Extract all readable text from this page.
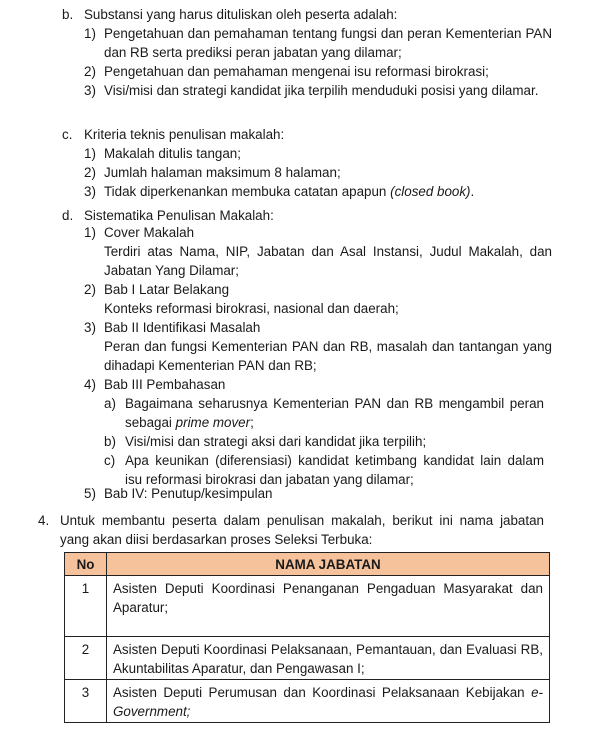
b. Substansi yang harus dituliskan oleh peserta adalah:
1) Pengetahuan dan pemahaman tentang fungsi dan peran Kementerian PAN dan RB serta prediksi peran jabatan yang dilamar;
2) Pengetahuan dan pemahaman mengenai isu reformasi birokrasi;
3) Visi/misi dan strategi kandidat jika terpilih menduduki posisi yang dilamar.
c. Kriteria teknis penulisan makalah:
1) Makalah ditulis tangan;
2) Jumlah halaman maksimum 8 halaman;
3) Tidak diperkenankan membuka catatan apapun (closed book).
d. Sistematika Penulisan Makalah:
1) Cover Makalah
Terdiri atas Nama, NIP, Jabatan dan Asal Instansi, Judul Makalah, dan Jabatan Yang Dilamar;
2) Bab I Latar Belakang
Konteks reformasi birokrasi, nasional dan daerah;
3) Bab II Identifikasi Masalah
Peran dan fungsi Kementerian PAN dan RB, masalah dan tantangan yang dihadapi Kementerian PAN dan RB;
4) Bab III Pembahasan
a) Bagaimana seharusnya Kementerian PAN dan RB mengambil peran sebagai prime mover;
b) Visi/misi dan strategi aksi dari kandidat jika terpilih;
c) Apa keunikan (diferensiasi) kandidat ketimbang kandidat lain dalam isu reformasi birokrasi dan jabatan yang dilamar;
5) Bab IV: Penutup/kesimpulan
4. Untuk membantu peserta dalam penulisan makalah, berikut ini nama jabatan yang akan diisi berdasarkan proses Seleksi Terbuka:
No	NAMA JABATAN
1	Asisten Deputi Koordinasi Penanganan Pengaduan Masyarakat dan Aparatur;
2	Asisten Deputi Koordinasi Pelaksanaan, Pemantauan, dan Evaluasi RB, Akuntabilitas Aparatur, dan Pengawasan I;
3	Asisten Deputi Perumusan dan Koordinasi Pelaksanaan Kebijakan e-Government;
